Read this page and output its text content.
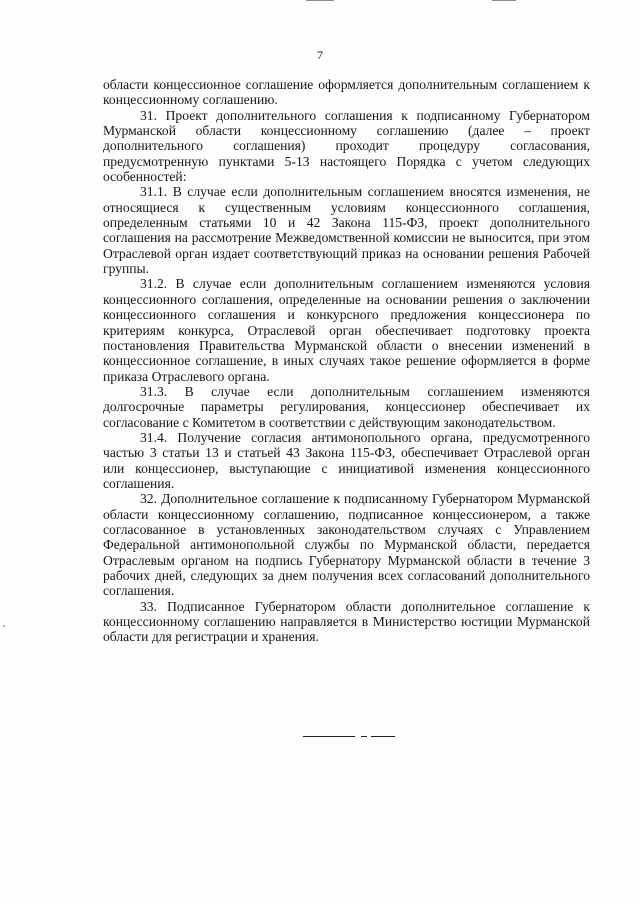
7

области концессионное соглашение оформляется дополнительным соглашением к концессионному соглашению.

31. Проект дополнительного соглашения к подписанному Губернатором Мурманской области концессионному соглашению (далее – проект дополнительного соглашения) проходит процедуру согласования, предусмотренную пунктами 5-13 настоящего Порядка с учетом следующих особенностей:

31.1. В случае если дополнительным соглашением вносятся изменения, не относящиеся к существенным условиям концессионного соглашения, определенным статьями 10 и 42 Закона 115-ФЗ, проект дополнительного соглашения на рассмотрение Межведомственной комиссии не выносится, при этом Отраслевой орган издает соответствующий приказ на основании решения Рабочей группы.

31.2. В случае если дополнительным соглашением изменяются условия концессионного соглашения, определенные на основании решения о заключении концессионного соглашения и конкурсного предложения концессионера по критериям конкурса, Отраслевой орган обеспечивает подготовку проекта постановления Правительства Мурманской области о внесении изменений в концессионное соглашение, в иных случаях такое решение оформляется в форме приказа Отраслевого органа.

31.3. В случае если дополнительным соглашением изменяются долгосрочные параметры регулирования, концессионер обеспечивает их согласование с Комитетом в соответствии с действующим законодательством.

31.4. Получение согласия антимонопольного органа, предусмотренного частью 3 статьи 13 и статьей 43 Закона 115-ФЗ, обеспечивает Отраслевой орган или концессионер, выступающие с инициативой изменения концессионного соглашения.

32. Дополнительное соглашение к подписанному Губернатором Мурманской области концессионному соглашению, подписанное концессионером, а также согласованное в установленных законодательством случаях с Управлением Федеральной антимонопольной службы по Мурманской области, передается Отраслевым органом на подпись Губернатору Мурманской области в течение 3 рабочих дней, следующих за днем получения всех согласований дополнительного соглашения.

33. Подписанное Губернатором области дополнительное соглашение к концессионному соглашению направляется в Министерство юстиции Мурманской области для регистрации и хранения.
